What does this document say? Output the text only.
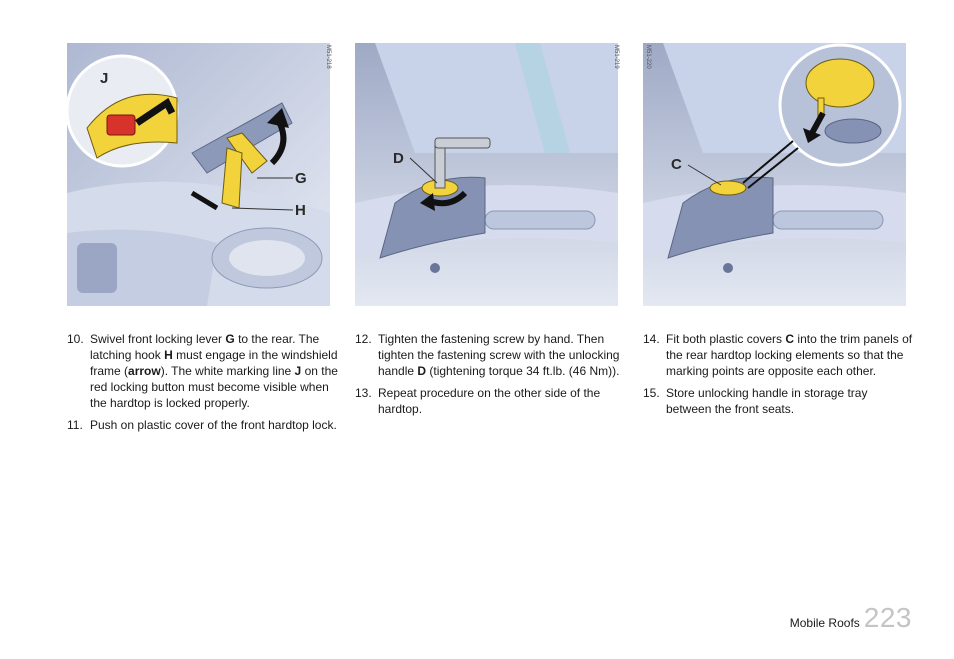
J
G
H
M51-218
D
M51-219
C
M51-220
10. Swivel front locking lever G to the rear. The latching hook H must engage in the windshield frame (arrow). The white marking line J on the red locking button must become visible when the hardtop is locked properly.
11. Push on plastic cover of the front hardtop lock.
12. Tighten the fastening screw by hand. Then tighten the fastening screw with the unlocking handle D (tightening torque 34 ft.lb. (46 Nm)).
13. Repeat procedure on the other side of the hardtop.
14. Fit both plastic covers C into the trim panels of the rear hardtop locking elements so that the marking points are opposite each other.
15. Store unlocking handle in storage tray between the front seats.
Mobile Roofs 223
